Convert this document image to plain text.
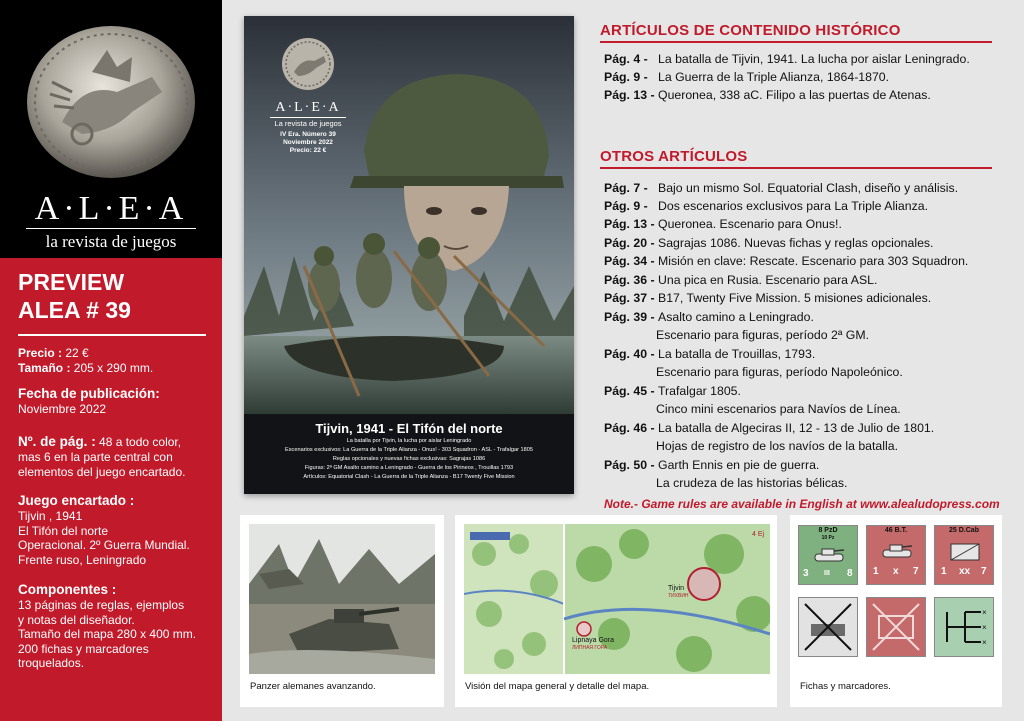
A·L·E·A
la revista de juegos
PREVIEW
ALEA # 39
Precio : 22 €
Tamaño : 205 x 290 mm.
Fecha de publicación:
Noviembre 2022
Nº. de pág. : 48 a todo color,
mas 6 en la parte central con
elementos del juego encartado.
Juego encartado :
Tijvin , 1941
El Tifón del norte
Operacional. 2º Guerra Mundial.
Frente ruso, Leningrado
Componentes :
13 páginas de reglas, ejemplos
y notas del diseñador.
Tamaño del mapa 280 x 400 mm.
200 fichas y marcadores
troquelados.
A·L·E·A
La revista de juegos
IV Era. Número 39
Noviembre 2022
Precio: 22 €
Tijvin, 1941 - El Tifón del norte
La batalla por Tijvin, la lucha por aislar Leningrado
Escenarios exclusivos: La Guerra de la Triple Alianza - Onus! - 303 Squadron - ASL - Trafalgar 1805
Reglas opcionales y nuevas fichas exclusivas: Sagrajas 1086
Figuras: 2ª GM Asalto camino a Leningrado - Guerra de los Pirineos , Trouillas 1793
Artículos: Equatorial Clash - La Guerra de la Triple Alianza - B17 Twenty Five Mission
ARTÍCULOS DE CONTENIDO HISTÓRICO
Pág. 4 - La batalla de Tijvin, 1941. La lucha por aislar Leningrado.
Pág. 9 - La Guerra de la Triple Alianza, 1864-1870.
Pág. 13 - Queronea, 338 aC. Filipo a las puertas de Atenas.
OTROS ARTÍCULOS
Pág. 7 - Bajo un mismo Sol. Equatorial Clash, diseño y análisis.
Pág. 9 - Dos escenarios exclusivos para La Triple Alianza.
Pág. 13 - Queronea. Escenario para Onus!.
Pág. 20 - Sagrajas 1086. Nuevas fichas y reglas opcionales.
Pág. 34 - Misión en clave: Rescate. Escenario para 303 Squadron.
Pág. 36 - Una pica en Rusia. Escenario para ASL.
Pág. 37 - B17, Twenty Five Mission. 5 misiones adicionales.
Pág. 39 - Asalto camino a Leningrado.
Escenario para figuras, período 2ª GM.
Pág. 40 - La batalla de Trouillas, 1793.
Escenario para figuras, período Napoleónico.
Pág. 45 - Trafalgar 1805.
Cinco mini escenarios para Navíos de Línea.
Pág. 46 - La batalla de Algeciras II, 12 - 13 de Julio de 1801.
Hojas de registro de los navíos de la batalla.
Pág. 50 - Garth Ennis en pie de guerra.
La crudeza de las historias bélicas.
Note.- Game rules are available in English at www.alealudopress.com
Panzer alemanes avanzando.
Tijvin
ТИХВИН
Lipnaya Gora
ЛИПНАЯ ГОРА
4 Ej
Visión del mapa general y detalle del mapa.
8 PzD
10 Pz
3 III 8
46 B.T.
1 x 7
25 D.Cab
1 xx 7
×
×
×
Fichas y marcadores.
